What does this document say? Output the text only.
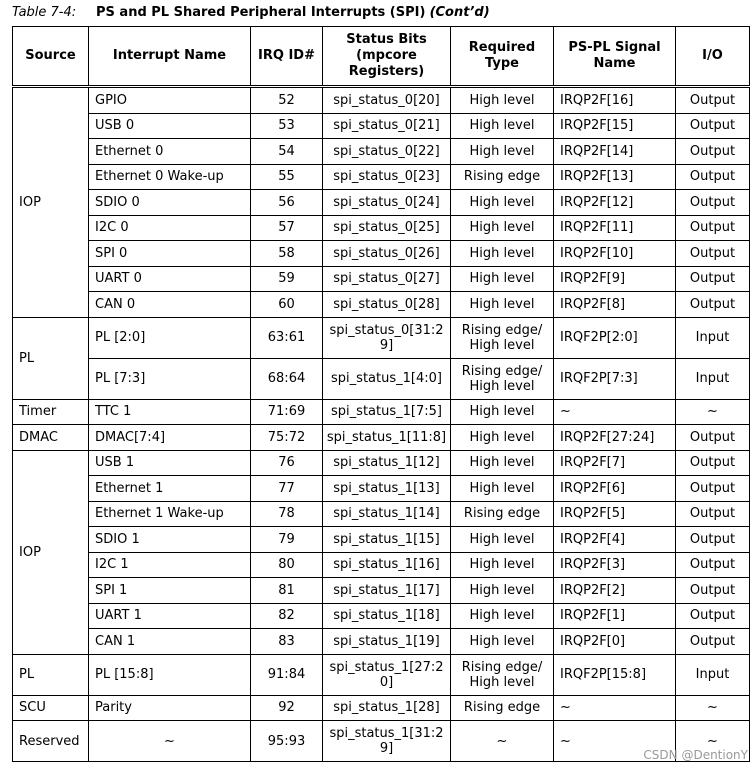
Table 7-4: PS and PL Shared Peripheral Interrupts (SPI) (Cont’d)
Source	Interrupt Name	IRQ ID#	Status Bits (mpcore Registers)	Required Type	PS-PL Signal Name	I/O
IOP	GPIO	52	spi_status_0[20]	High level	IRQP2F[16]	Output
	USB 0	53	spi_status_0[21]	High level	IRQP2F[15]	Output
	Ethernet 0	54	spi_status_0[22]	High level	IRQP2F[14]	Output
	Ethernet 0 Wake-up	55	spi_status_0[23]	Rising edge	IRQP2F[13]	Output
	SDIO 0	56	spi_status_0[24]	High level	IRQP2F[12]	Output
	I2C 0	57	spi_status_0[25]	High level	IRQP2F[11]	Output
	SPI 0	58	spi_status_0[26]	High level	IRQP2F[10]	Output
	UART 0	59	spi_status_0[27]	High level	IRQP2F[9]	Output
	CAN 0	60	spi_status_0[28]	High level	IRQP2F[8]	Output
PL	PL [2:0]	63:61	spi_status_0[31:29]	Rising edge/ High level	IRQF2P[2:0]	Input
	PL [7:3]	68:64	spi_status_1[4:0]	Rising edge/ High level	IRQF2P[7:3]	Input
Timer	TTC 1	71:69	spi_status_1[7:5]	High level	~	~
DMAC	DMAC[7:4]	75:72	spi_status_1[11:8]	High level	IRQP2F[27:24]	Output
IOP	USB 1	76	spi_status_1[12]	High level	IRQP2F[7]	Output
	Ethernet 1	77	spi_status_1[13]	High level	IRQP2F[6]	Output
	Ethernet 1 Wake-up	78	spi_status_1[14]	Rising edge	IRQP2F[5]	Output
	SDIO 1	79	spi_status_1[15]	High level	IRQP2F[4]	Output
	I2C 1	80	spi_status_1[16]	High level	IRQP2F[3]	Output
	SPI 1	81	spi_status_1[17]	High level	IRQP2F[2]	Output
	UART 1	82	spi_status_1[18]	High level	IRQP2F[1]	Output
	CAN 1	83	spi_status_1[19]	High level	IRQP2F[0]	Output
PL	PL [15:8]	91:84	spi_status_1[27:20]	Rising edge/ High level	IRQF2P[15:8]	Input
SCU	Parity	92	spi_status_1[28]	Rising edge	~	~
Reserved	~	95:93	spi_status_1[31:29]	~	~	~
CSDN @DentionY
